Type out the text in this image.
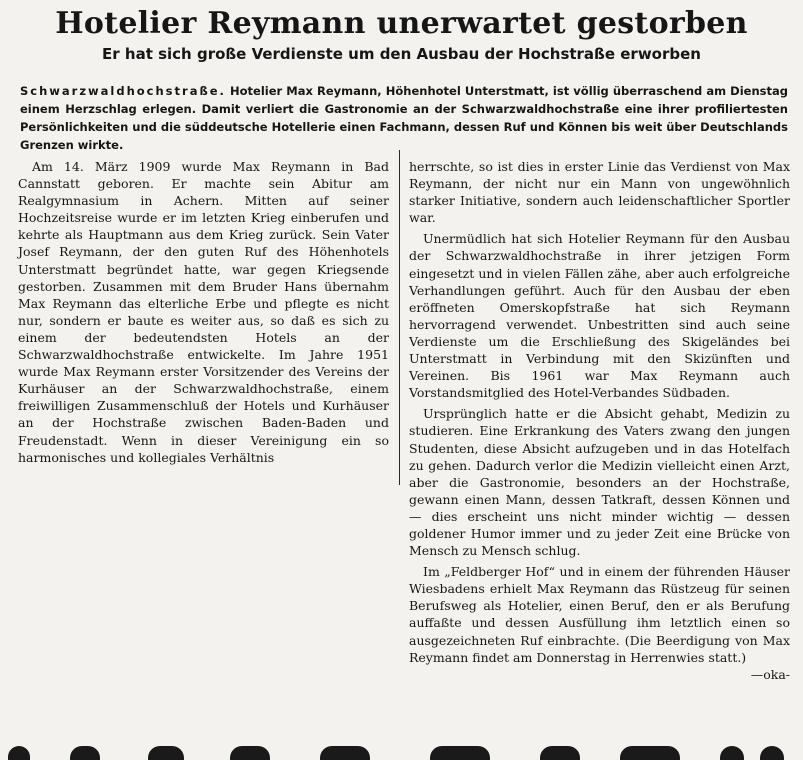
Hotelier Reymann unerwartet gestorben
Er hat sich große Verdienste um den Ausbau der Hochstraße erworben
Schwarzwaldhochstraße. Hotelier Max Reymann, Höhenhotel Unterstmatt, ist völlig überraschend am Dienstag einem Herzschlag erlegen. Damit verliert die Gastronomie an der Schwarzwaldhochstraße eine ihrer profiliertesten Persönlichkeiten und die süddeutsche Hotellerie einen Fachmann, dessen Ruf und Können bis weit über Deutschlands Grenzen wirkte.

Am 14. März 1909 wurde Max Reymann in Bad Cannstatt geboren. Er machte sein Abitur am Realgymnasium in Achern. Mitten auf seiner Hochzeitsreise wurde er im letzten Krieg einberufen und kehrte als Hauptmann aus dem Krieg zurück. Sein Vater Josef Reymann, der den guten Ruf des Höhenhotels Unterstmatt begründet hatte, war gegen Kriegsende gestorben. Zusammen mit dem Bruder Hans übernahm Max Reymann das elterliche Erbe und pflegte es nicht nur, sondern er baute es weiter aus, so daß es sich zu einem der bedeutendsten Hotels an der Schwarzwaldhochstraße entwickelte. Im Jahre 1951 wurde Max Reymann erster Vorsitzender des Vereins der Kurhäuser an der Schwarzwaldhochstraße, einem freiwilligen Zusammenschluß der Hotels und Kurhäuser an der Hochstraße zwischen Baden-Baden und Freudenstadt. Wenn in dieser Vereinigung ein so harmonisches und kollegiales Verhältnis

herrschte, so ist dies in erster Linie das Verdienst von Max Reymann, der nicht nur ein Mann von ungewöhnlich starker Initiative, sondern auch leidenschaftlicher Sportler war.

Unermüdlich hat sich Hotelier Reymann für den Ausbau der Schwarzwaldhochstraße in ihrer jetzigen Form eingesetzt und in vielen Fällen zähe, aber auch erfolgreiche Verhandlungen geführt. Auch für den Ausbau der eben eröffneten Omerskopfstraße hat sich Reymann hervorragend verwendet. Unbestritten sind auch seine Verdienste um die Erschließung des Skigeländes bei Unterstmatt in Verbindung mit den Skizünften und Vereinen. Bis 1961 war Max Reymann auch Vorstandsmitglied des Hotel-Verbandes Südbaden.

Ursprünglich hatte er die Absicht gehabt, Medizin zu studieren. Eine Erkrankung des Vaters zwang den jungen Studenten, diese Absicht aufzugeben und in das Hotelfach zu gehen. Dadurch verlor die Medizin vielleicht einen Arzt, aber die Gastronomie, besonders an der Hochstraße, gewann einen Mann, dessen Tatkraft, dessen Können und — dies erscheint uns nicht minder wichtig — dessen goldener Humor immer und zu jeder Zeit eine Brücke von Mensch zu Mensch schlug.

Im „Feldberger Hof“ und in einem der führenden Häuser Wiesbadens erhielt Max Reymann das Rüstzeug für seinen Berufsweg als Hotelier, einen Beruf, den er als Berufung auffaßte und dessen Ausfüllung ihm letztlich einen so ausgezeichneten Ruf einbrachte. (Die Beerdigung von Max Reymann findet am Donnerstag in Herrenwies statt.)
—oka-
